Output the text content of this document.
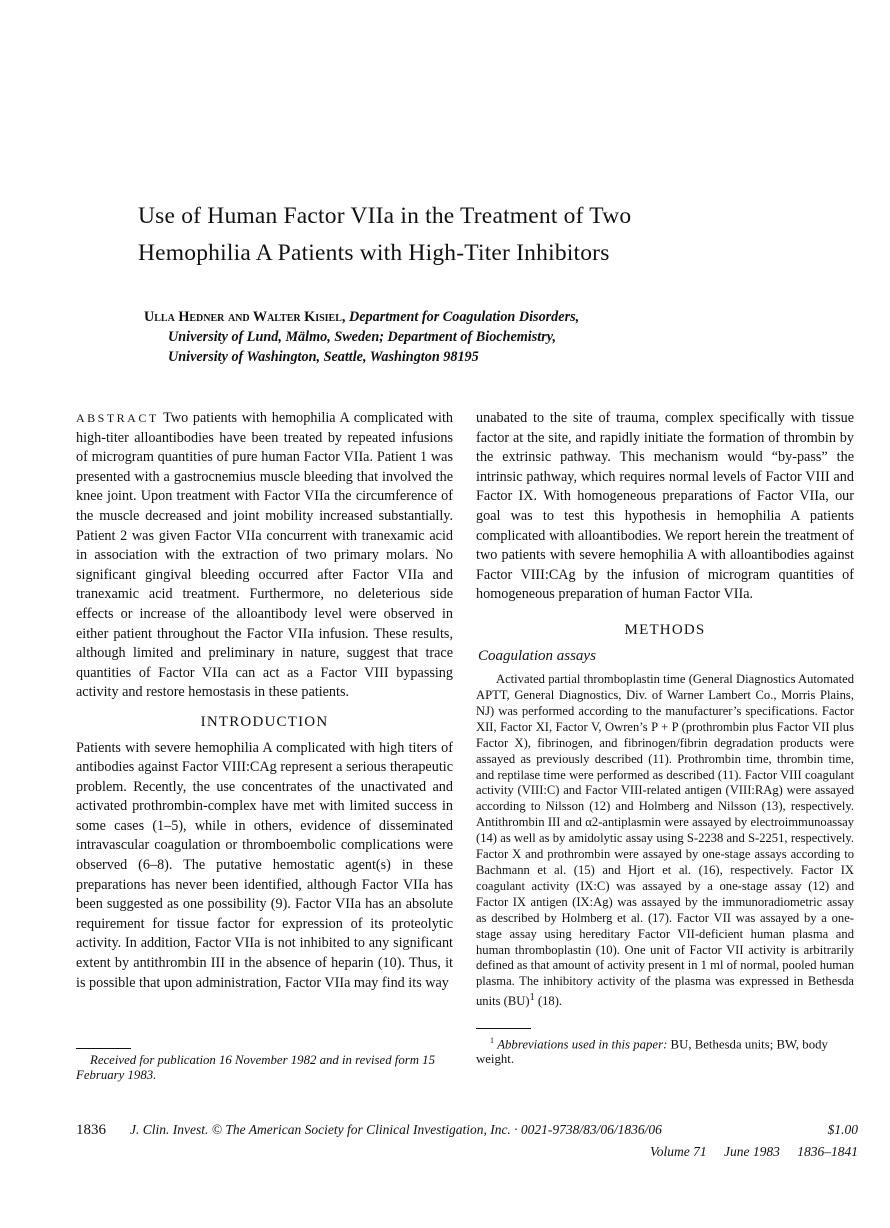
Use of Human Factor VIIa in the Treatment of Two
Hemophilia A Patients with High-Titer Inhibitors
Ulla Hedner and Walter Kisiel, Department for Coagulation Disorders,
University of Lund, Mälmo, Sweden; Department of Biochemistry,
University of Washington, Seattle, Washington 98195

ABSTRACT Two patients with hemophilia A complicated with high-titer alloantibodies have been treated by repeated infusions of microgram quantities of pure human Factor VIIa. Patient 1 was presented with a gastrocnemius muscle bleeding that involved the knee joint. Upon treatment with Factor VIIa the circumference of the muscle decreased and joint mobility increased substantially. Patient 2 was given Factor VIIa concurrent with tranexamic acid in association with the extraction of two primary molars. No significant gingival bleeding occurred after Factor VIIa and tranexamic acid treatment. Furthermore, no deleterious side effects or increase of the alloantibody level were observed in either patient throughout the Factor VIIa infusion. These results, although limited and preliminary in nature, suggest that trace quantities of Factor VIIa can act as a Factor VIII bypassing activity and restore hemostasis in these patients.

INTRODUCTION

Patients with severe hemophilia A complicated with high titers of antibodies against Factor VIII:CAg represent a serious therapeutic problem. Recently, the use concentrates of the unactivated and activated prothrombin-complex have met with limited success in some cases (1–5), while in others, evidence of disseminated intravascular coagulation or thromboembolic complications were observed (6–8). The putative hemostatic agent(s) in these preparations has never been identified, although Factor VIIa has been suggested as one possibility (9). Factor VIIa has an absolute requirement for tissue factor for expression of its proteolytic activity. In addition, Factor VIIa is not inhibited to any significant extent by antithrombin III in the absence of heparin (10). Thus, it is possible that upon administration, Factor VIIa may find its way

unabated to the site of trauma, complex specifically with tissue factor at the site, and rapidly initiate the formation of thrombin by the extrinsic pathway. This mechanism would “by-pass” the intrinsic pathway, which requires normal levels of Factor VIII and Factor IX. With homogeneous preparations of Factor VIIa, our goal was to test this hypothesis in hemophilia A patients complicated with alloantibodies. We report herein the treatment of two patients with severe hemophilia A with alloantibodies against Factor VIII:CAg by the infusion of microgram quantities of homogeneous preparation of human Factor VIIa.

METHODS
Coagulation assays

Activated partial thromboplastin time (General Diagnostics Automated APTT, General Diagnostics, Div. of Warner Lambert Co., Morris Plains, NJ) was performed according to the manufacturer’s specifications. Factor XII, Factor XI, Factor V, Owren’s P + P (prothrombin plus Factor VII plus Factor X), fibrinogen, and fibrinogen/fibrin degradation products were assayed as previously described (11). Prothrombin time, thrombin time, and reptilase time were performed as described (11). Factor VIII coagulant activity (VIII:C) and Factor VIII-related antigen (VIII:RAg) were assayed according to Nilsson (12) and Holmberg and Nilsson (13), respectively. Antithrombin III and α2-antiplasmin were assayed by electroimmunoassay (14) as well as by amidolytic assay using S-2238 and S-2251, respectively. Factor X and prothrombin were assayed by one-stage assays according to Bachmann et al. (15) and Hjort et al. (16), respectively. Factor IX coagulant activity (IX:C) was assayed by a one-stage assay (12) and Factor IX antigen (IX:Ag) was assayed by the immunoradiometric assay as described by Holmberg et al. (17). Factor VII was assayed by a one-stage assay using hereditary Factor VII-deficient human plasma and human thromboplastin (10). One unit of Factor VII activity is arbitrarily defined as that amount of activity present in 1 ml of normal, pooled human plasma. The inhibitory activity of the plasma was expressed in Bethesda units (BU)$^1$ (18).

Received for publication 16 November 1982 and in revised form 15 February 1983.
$^1$ Abbreviations used in this paper: BU, Bethesda units; BW, body weight.
1836 J. Clin. Invest. © The American Society for Clinical Investigation, Inc. · 0021-9738/83/06/1836/06	$1.00
Volume 71 June 1983 1836–1841
